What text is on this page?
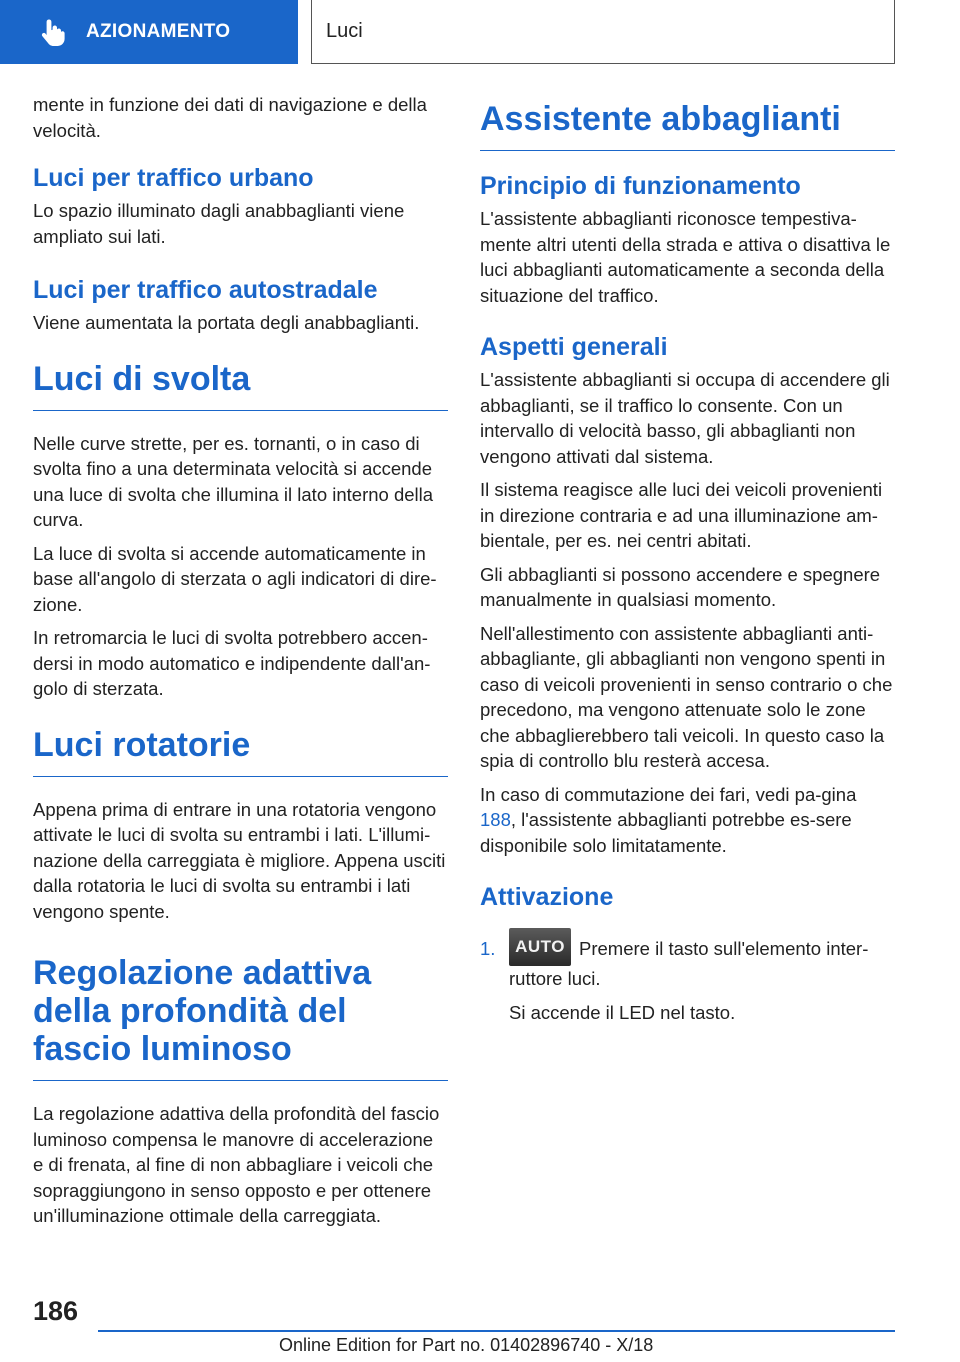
AZIONAMENTO	Luci

mente in funzione dei dati di navigazione e della velocità.

Luci per traffico urbano

Lo spazio illuminato dagli anabbaglianti viene ampliato sui lati.

Luci per traffico autostradale

Viene aumentata la portata degli anabbaglianti.

Luci di svolta

Nelle curve strette, per es. tornanti, o in caso di svolta fino a una determinata velocità si accende una luce di svolta che illumina il lato interno della curva.

La luce di svolta si accende automaticamente in base all'angolo di sterzata o agli indicatori di dire‐zione.

In retromarcia le luci di svolta potrebbero accen‐dersi in modo automatico e indipendente dall'an‐golo di sterzata.

Luci rotatorie

Appena prima di entrare in una rotatoria vengono attivate le luci di svolta su entrambi i lati. L'illumi‐nazione della carreggiata è migliore. Appena usciti dalla rotatoria le luci di svolta su entrambi i lati vengono spente.

Regolazione adattiva della profondità del fascio luminoso

La regolazione adattiva della profondità del fascio luminoso compensa le manovre di accelerazione e di frenata, al fine di non abbagliare i veicoli che sopraggiungono in senso opposto e per ottenere un'illuminazione ottimale della carreggiata.

Assistente abbaglianti
Principio di funzionamento

L'assistente abbaglianti riconosce tempestiva‐mente altri utenti della strada e attiva o disattiva le luci abbaglianti automaticamente a seconda della situazione del traffico.

Aspetti generali

L'assistente abbaglianti si occupa di accendere gli abbaglianti, se il traffico lo consente. Con un intervallo di velocità basso, gli abbaglianti non vengono attivati dal sistema.

Il sistema reagisce alle luci dei veicoli provenienti in direzione contraria e ad una illuminazione am‐bientale, per es. nei centri abitati.

Gli abbaglianti si possono accendere e spegnere manualmente in qualsiasi momento.

Nell'allestimento con assistente abbaglianti anti‐abbagliante, gli abbaglianti non vengono spenti in caso di veicoli provenienti in senso contrario o che precedono, ma vengono attenuate solo le zone che abbaglierebbero tali veicoli. In questo caso la spia di controllo blu resterà accesa.

In caso di commutazione dei fari, vedi pa‐gina 188, l'assistente abbaglianti potrebbe es‐sere disponibile solo limitatamente.

Attivazione
1.	AUTO Premere il tasto sull'elemento inter‐ruttore luci.

Si accende il LED nel tasto.

186
Online Edition for Part no. 01402896740 - X/18
